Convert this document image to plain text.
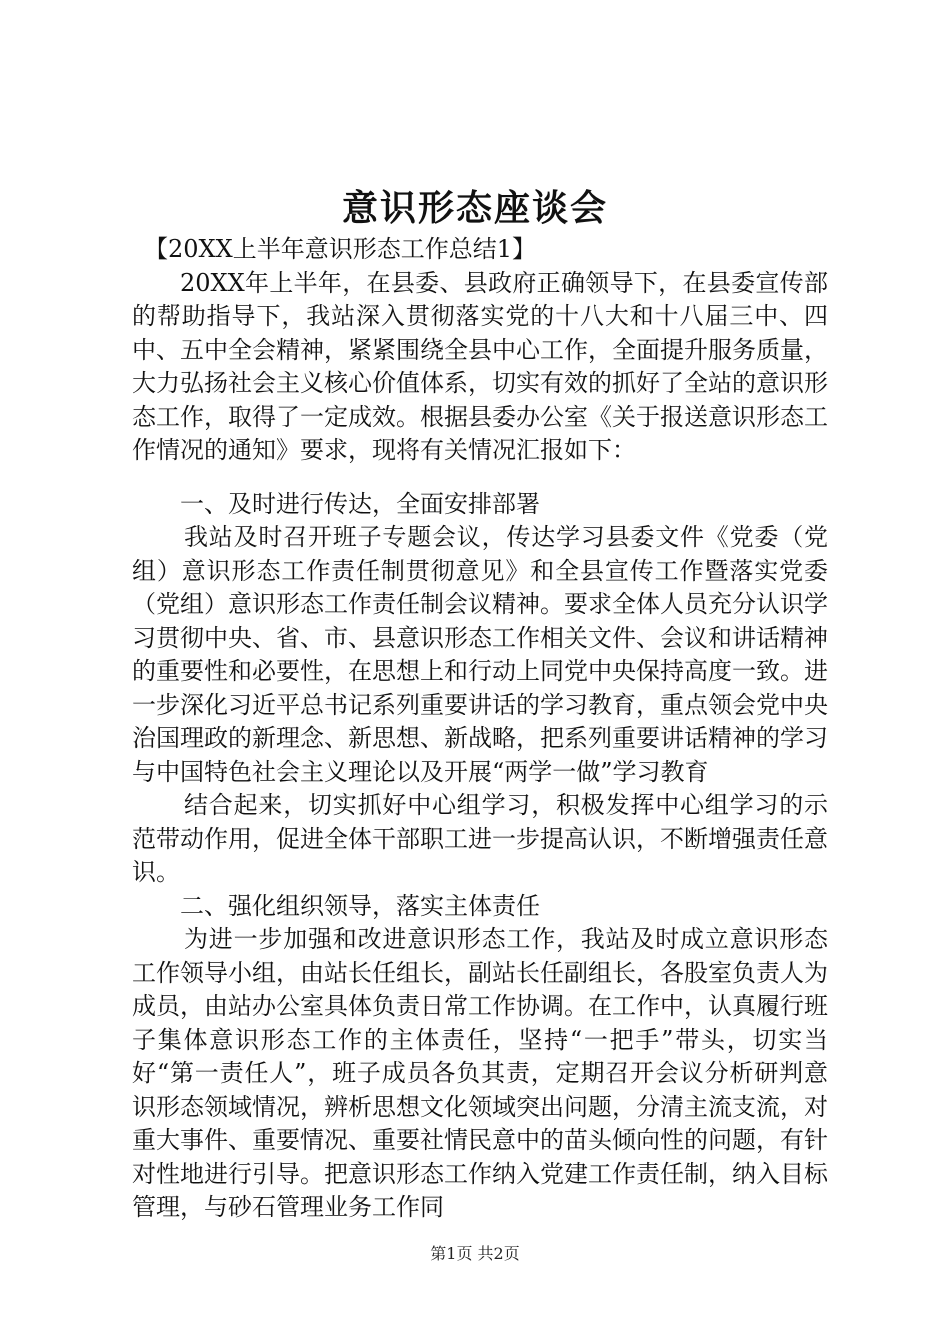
意识形态座谈会

【20XX上半年意识形态工作总结1】

20XX年上半年，在县委、县政府正确领导下，在县委宣传部的帮助指导下，我站深入贯彻落实党的十八大和十八届三中、四中、五中全会精神，紧紧围绕全县中心工作，全面提升服务质量，大力弘扬社会主义核心价值体系，切实有效的抓好了全站的意识形态工作，取得了一定成效。根据县委办公室《关于报送意识形态工作情况的通知》要求，现将有关情况汇报如下：

一、及时进行传达，全面安排部署

我站及时召开班子专题会议，传达学习县委文件《党委（党组）意识形态工作责任制贯彻意见》和全县宣传工作暨落实党委（党组）意识形态工作责任制会议精神。要求全体人员充分认识学习贯彻中央、省、市、县意识形态工作相关文件、会议和讲话精神的重要性和必要性，在思想上和行动上同党中央保持高度一致。进一步深化习近平总书记系列重要讲话的学习教育，重点领会党中央治国理政的新理念、新思想、新战略，把系列重要讲话精神的学习与中国特色社会主义理论以及开展“两学一做”学习教育

结合起来，切实抓好中心组学习，积极发挥中心组学习的示范带动作用，促进全体干部职工进一步提高认识，不断增强责任意识。

二、强化组织领导，落实主体责任

为进一步加强和改进意识形态工作，我站及时成立意识形态工作领导小组，由站长任组长，副站长任副组长，各股室负责人为成员，由站办公室具体负责日常工作协调。在工作中，认真履行班子集体意识形态工作的主体责任，坚持“一把手”带头，切实当好“第一责任人”，班子成员各负其责，定期召开会议分析研判意识形态领域情况，辨析思想文化领域突出问题，分清主流支流，对重大事件、重要情况、重要社情民意中的苗头倾向性的问题，有针对性地进行引导。把意识形态工作纳入党建工作责任制，纳入目标管理，与砂石管理业务工作同

第1页 共2页
